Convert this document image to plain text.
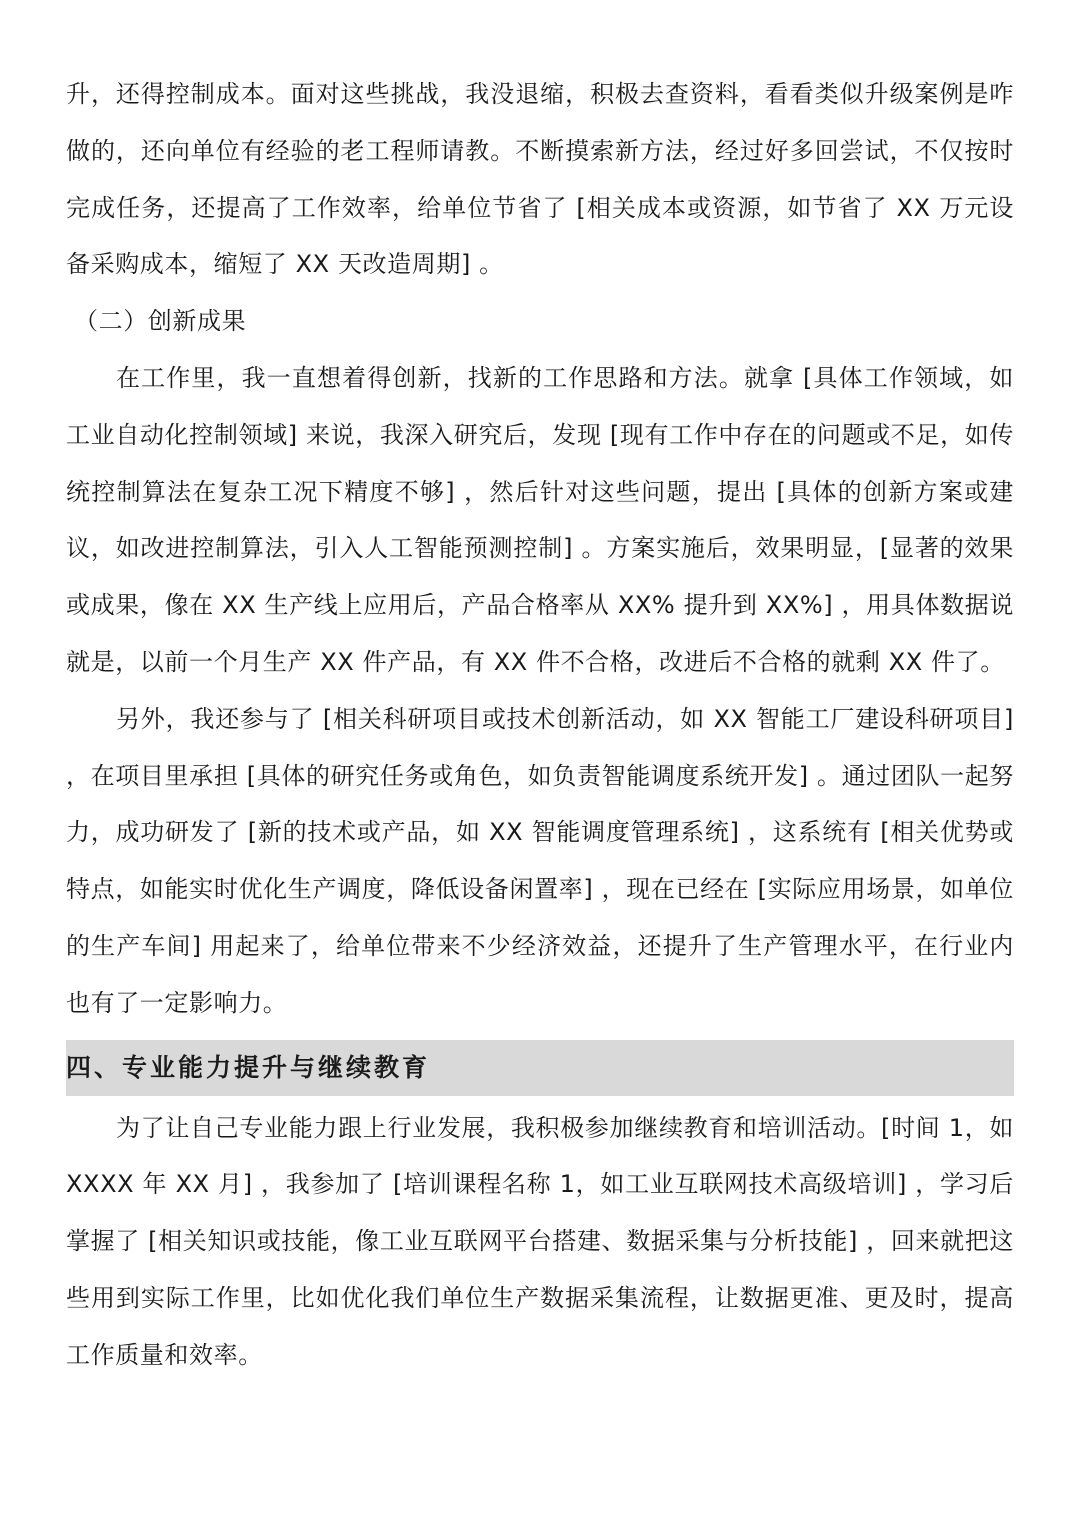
升，还得控制成本。面对这些挑战，我没退缩，积极去查资料，看看类似升级案例是咋做的，还向单位有经验的老工程师请教。不断摸索新方法，经过好多回尝试，不仅按时完成任务，还提高了工作效率，给单位节省了 [相关成本或资源，如节省了 XX 万元设备采购成本，缩短了 XX 天改造周期] 。

（二）创新成果

在工作里，我一直想着得创新，找新的工作思路和方法。就拿 [具体工作领域，如工业自动化控制领域] 来说，我深入研究后，发现 [现有工作中存在的问题或不足，如传统控制算法在复杂工况下精度不够] ，然后针对这些问题，提出 [具体的创新方案或建议，如改进控制算法，引入人工智能预测控制] 。方案实施后，效果明显，[显著的效果或成果，像在 XX 生产线上应用后，产品合格率从 XX% 提升到 XX%] ，用具体数据说就是，以前一个月生产 XX 件产品，有 XX 件不合格，改进后不合格的就剩 XX 件了。

另外，我还参与了 [相关科研项目或技术创新活动，如 XX 智能工厂建设科研项目] ，在项目里承担 [具体的研究任务或角色，如负责智能调度系统开发] 。通过团队一起努力，成功研发了 [新的技术或产品，如 XX 智能调度管理系统] ，这系统有 [相关优势或特点，如能实时优化生产调度，降低设备闲置率] ，现在已经在 [实际应用场景，如单位的生产车间] 用起来了，给单位带来不少经济效益，还提升了生产管理水平，在行业内也有了一定影响力。

四、专业能力提升与继续教育

为了让自己专业能力跟上行业发展，我积极参加继续教育和培训活动。[时间 1，如 XXXX 年 XX 月] ，我参加了 [培训课程名称 1，如工业互联网技术高级培训] ，学习后掌握了 [相关知识或技能，像工业互联网平台搭建、数据采集与分析技能] ，回来就把这些用到实际工作里，比如优化我们单位生产数据采集流程，让数据更准、更及时，提高工作质量和效率。
